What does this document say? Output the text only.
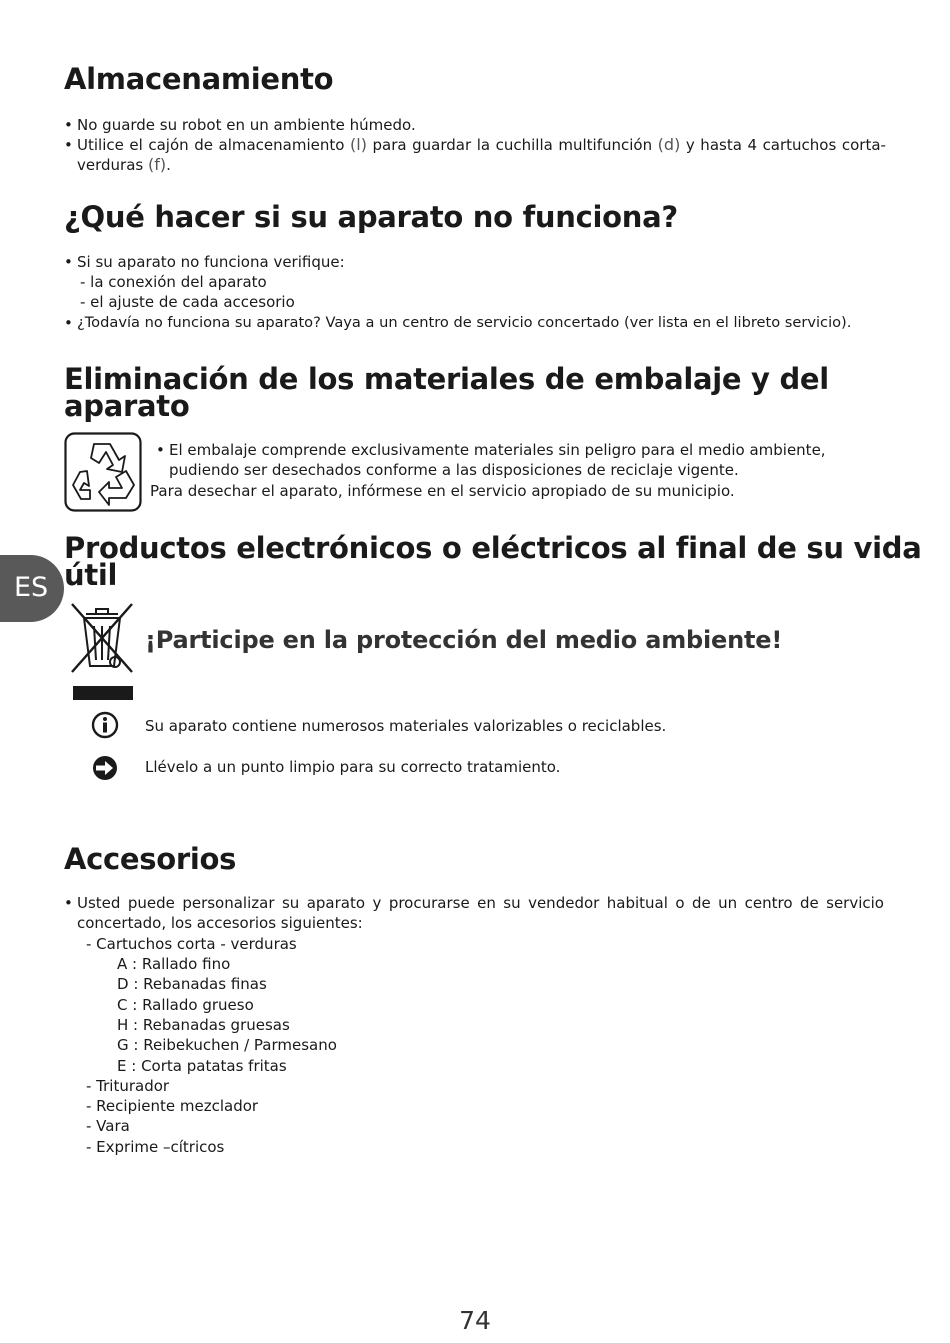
ES
Almacenamiento
• No guarde su robot en un ambiente húmedo.
• Utilice el cajón de almacenamiento (l) para guardar la cuchilla multifunción (d) y hasta 4 cartuchos corta-verduras (f).
¿Qué hacer si su aparato no funciona?
• Si su aparato no funciona verifique:
- la conexión del aparato
- el ajuste de cada accesorio
• ¿Todavía no funciona su aparato? Vaya a un centro de servicio concertado (ver lista en el libreto servicio).
Eliminación de los materiales de embalaje y del
aparato
• El embalaje comprende exclusivamente materiales sin peligro para el medio ambiente, pudiendo ser desechados conforme a las disposiciones de reciclaje vigente.
Para desechar el aparato, infórmese en el servicio apropiado de su municipio.
Productos electrónicos o eléctricos al final de su vida
útil
¡Participe en la protección del medio ambiente!
Su aparato contiene numerosos materiales valorizables o reciclables.
Llévelo a un punto limpio para su correcto tratamiento.
Accesorios
• Usted puede personalizar su aparato y procurarse en su vendedor habitual o de un centro de servicio concertado, los accesorios siguientes:
- Cartuchos corta - verduras
A : Rallado fino
D : Rebanadas finas
C : Rallado grueso
H : Rebanadas gruesas
G : Reibekuchen / Parmesano
E : Corta patatas fritas
- Triturador
- Recipiente mezclador
- Vara
- Exprime –cítricos
74
